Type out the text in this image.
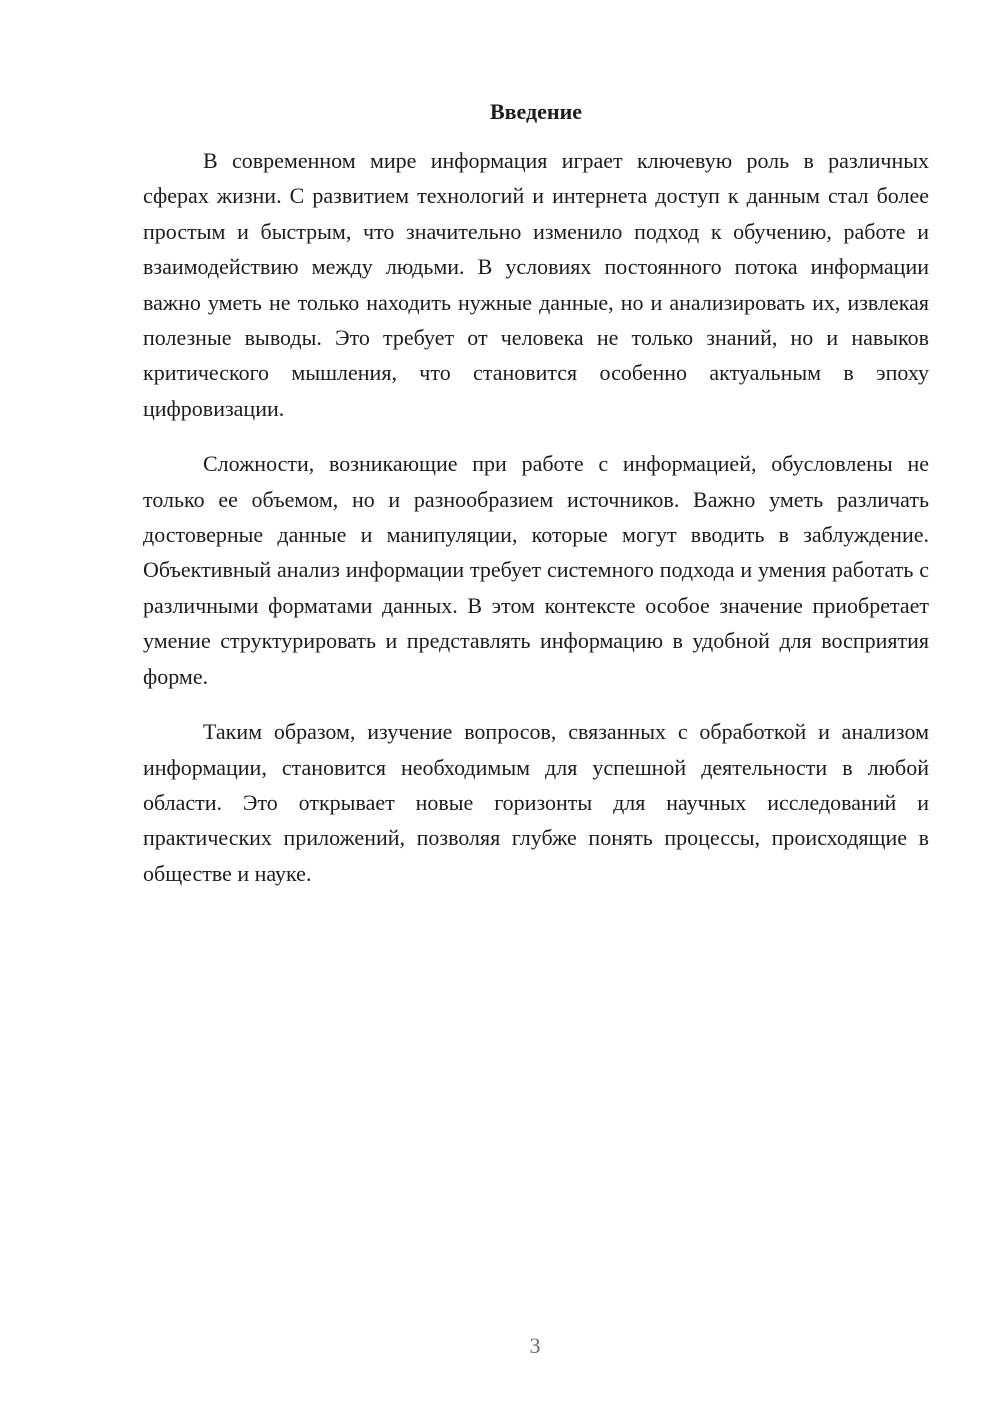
Введение

В современном мире информация играет ключевую роль в различных сферах жизни. С развитием технологий и интернета доступ к данным стал более простым и быстрым, что значительно изменило подход к обучению, работе и взаимодействию между людьми. В условиях постоянного потока информации важно уметь не только находить нужные данные, но и анализировать их, извлекая полезные выводы. Это требует от человека не только знаний, но и навыков критического мышления, что становится особенно актуальным в эпоху цифровизации.

Сложности, возникающие при работе с информацией, обусловлены не только ее объемом, но и разнообразием источников. Важно уметь различать достоверные данные и манипуляции, которые могут вводить в заблуждение. Объективный анализ информации требует системного подхода и умения работать с различными форматами данных. В этом контексте особое значение приобретает умение структурировать и представлять информацию в удобной для восприятия форме.

Таким образом, изучение вопросов, связанных с обработкой и анализом информации, становится необходимым для успешной деятельности в любой области. Это открывает новые горизонты для научных исследований и практических приложений, позволяя глубже понять процессы, происходящие в обществе и науке.

3
